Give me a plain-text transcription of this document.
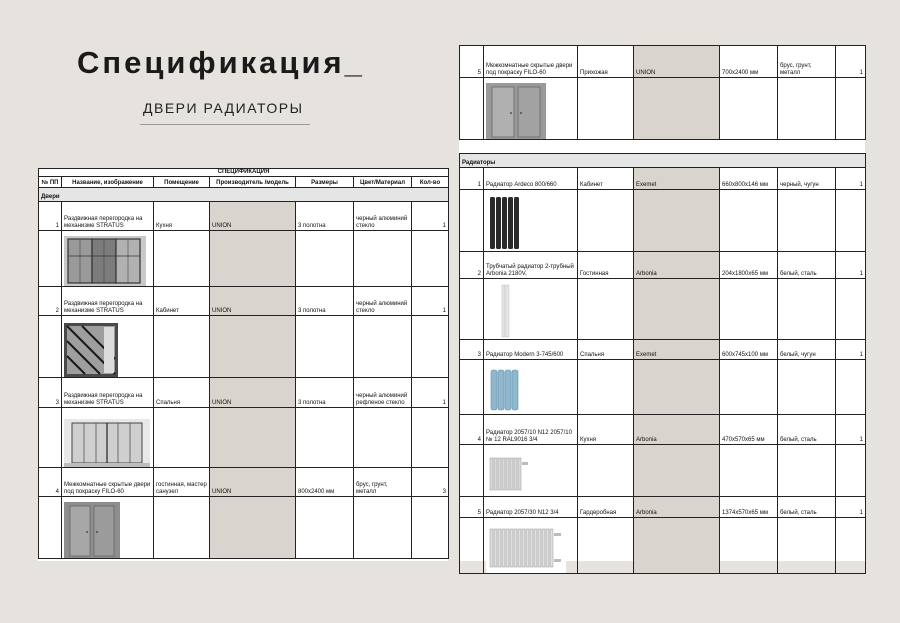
Спецификация_
ДВЕРИ РАДИАТОРЫ
СПЕЦИФИКАЦИЯ						
№ ПП	Название, изображение	Помещение	Производитель /модель	Размеры	Цвет/Материал	Кол-во
Двери						
1	Раздвижная перегородка на механизме STRATUS	Кухня	UNION	3 полотна	черный алюминий стекло	1

2	Раздвижная перегородка на механизме STRATUS	Кабинет	UNION	3 полотна	черный алюминий стекло	1

3	Раздвижная перегородка на механизме STRATUS	Спальня	UNION	3 полотна	черный алюминий рефленое стекло	1

4	Межкомнатные скрытые двери под покраску FILO-60	гостинная, мастер санузел	UNION	800х2400 мм	брус, грунт, металл	3

5	Межкомнатные скрытые двери под покраску FILO-60	Прихожая	UNION	700х2400 мм	брус, грунт, металл	1

Радиаторы						
1	Радиатор Ardeco 800/660	Кабинет	Exemet	660х800х146 мм	черный, чугун	1

2	Трубчатый радиатор 2-трубный Arbonia 2180V,	Гостинная	Arbonia	204х1800х65 мм	белый, сталь	1

3	Радиатор Modern 3-745/600	Спальня	Exemet	600х745х100 мм	белый, чугун	1

4	Радиатор 2057/10 N12 2057/10 № 12 RAL9016 3/4	Кухня	Arbonia	470х570х65 мм	белый, сталь	1

5	Радиатор 2057/30 N12 3/4	Гардеробная	Arbonia	1374х570х65 мм	белый, сталь	1
